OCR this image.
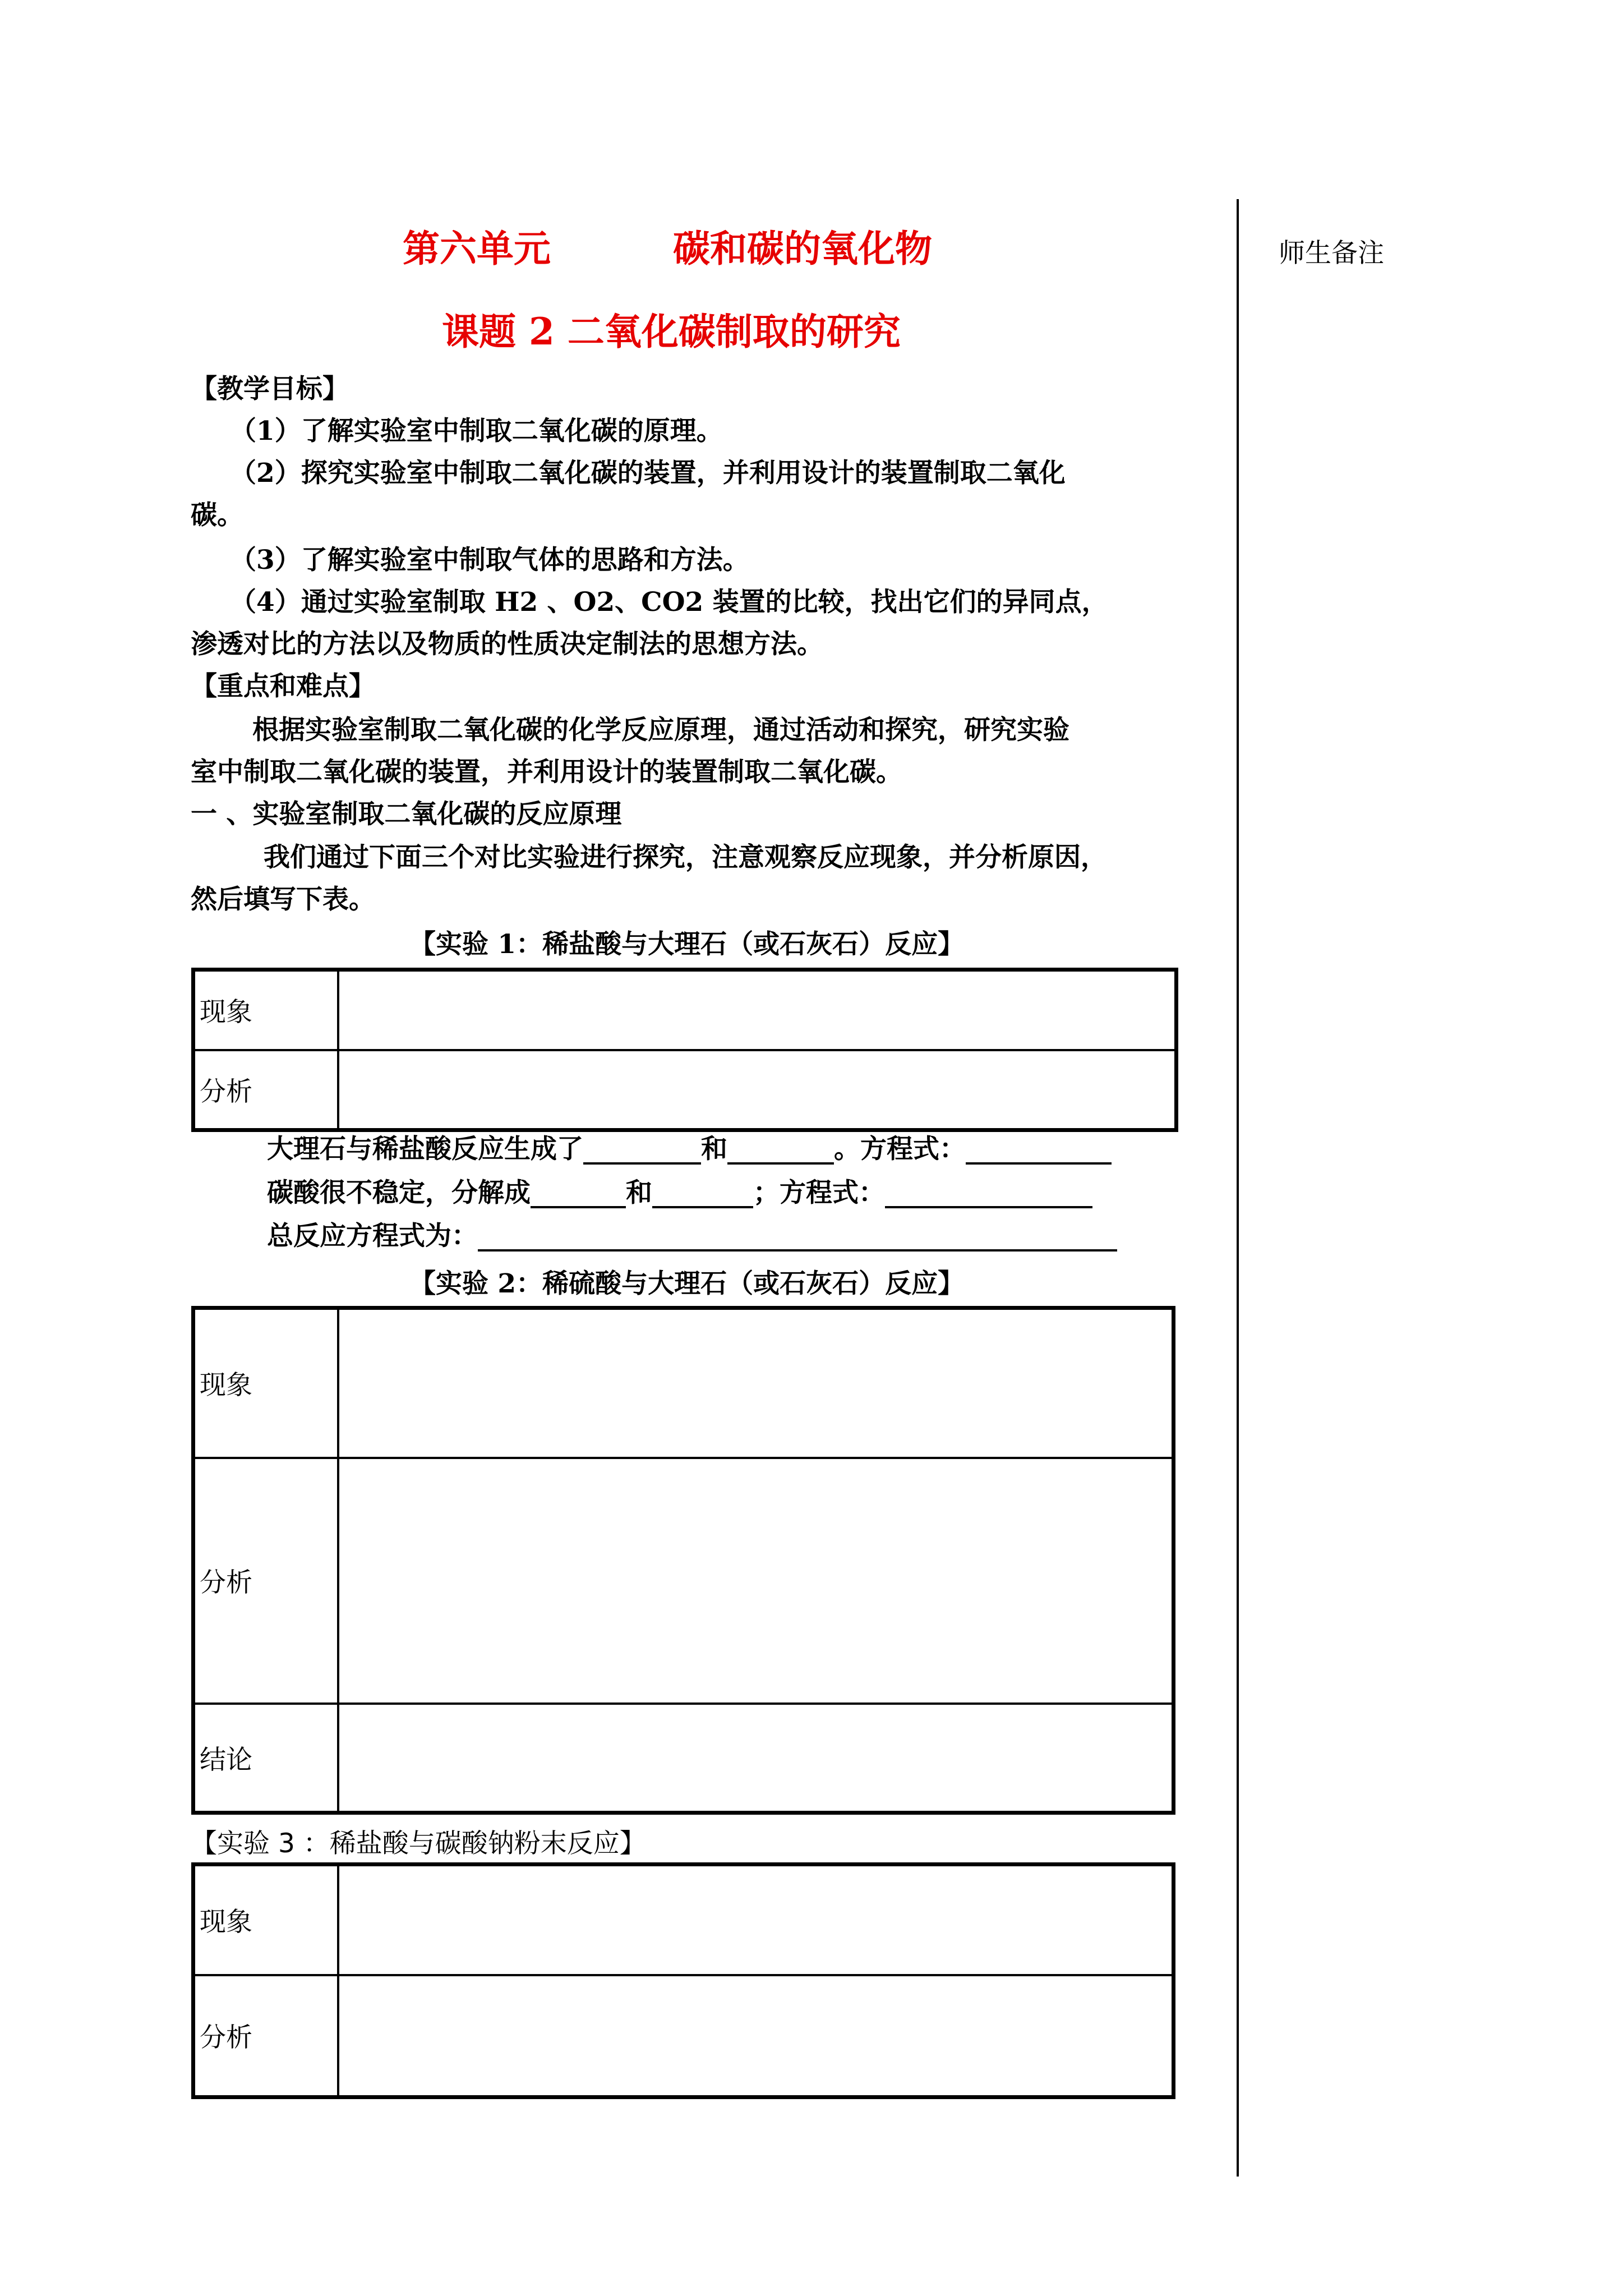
师生备注
第六单元	碳和碳的氧化物
课题 2 二氧化碳制取的研究
【教学目标】
（1）了解实验室中制取二氧化碳的原理。
（2）探究实验室中制取二氧化碳的装置，并利用设计的装置制取二氧化
碳。
（3）了解实验室中制取气体的思路和方法。
（4）通过实验室制取 H2 、O2、CO2 装置的比较，找出它们的异同点，
渗透对比的方法以及物质的性质决定制法的思想方法。
【重点和难点】
根据实验室制取二氧化碳的化学反应原理，通过活动和探究，研究实验
室中制取二氧化碳的装置，并利用设计的装置制取二氧化碳。
一 、实验室制取二氧化碳的反应原理
我们通过下面三个对比实验进行探究，注意观察反应现象，并分析原因，
然后填写下表。
【实验 1：稀盐酸与大理石（或石灰石）反应】
现象	
分析	
大理石与稀盐酸反应生成了	和	。方程式：
碳酸很不稳定，分解成	和	；方程式：
总反应方程式为：
【实验 2：稀硫酸与大理石（或石灰石）反应】
现象	
分析	
结论	
【实验 3 ：稀盐酸与碳酸钠粉末反应】
现象	
分析	
